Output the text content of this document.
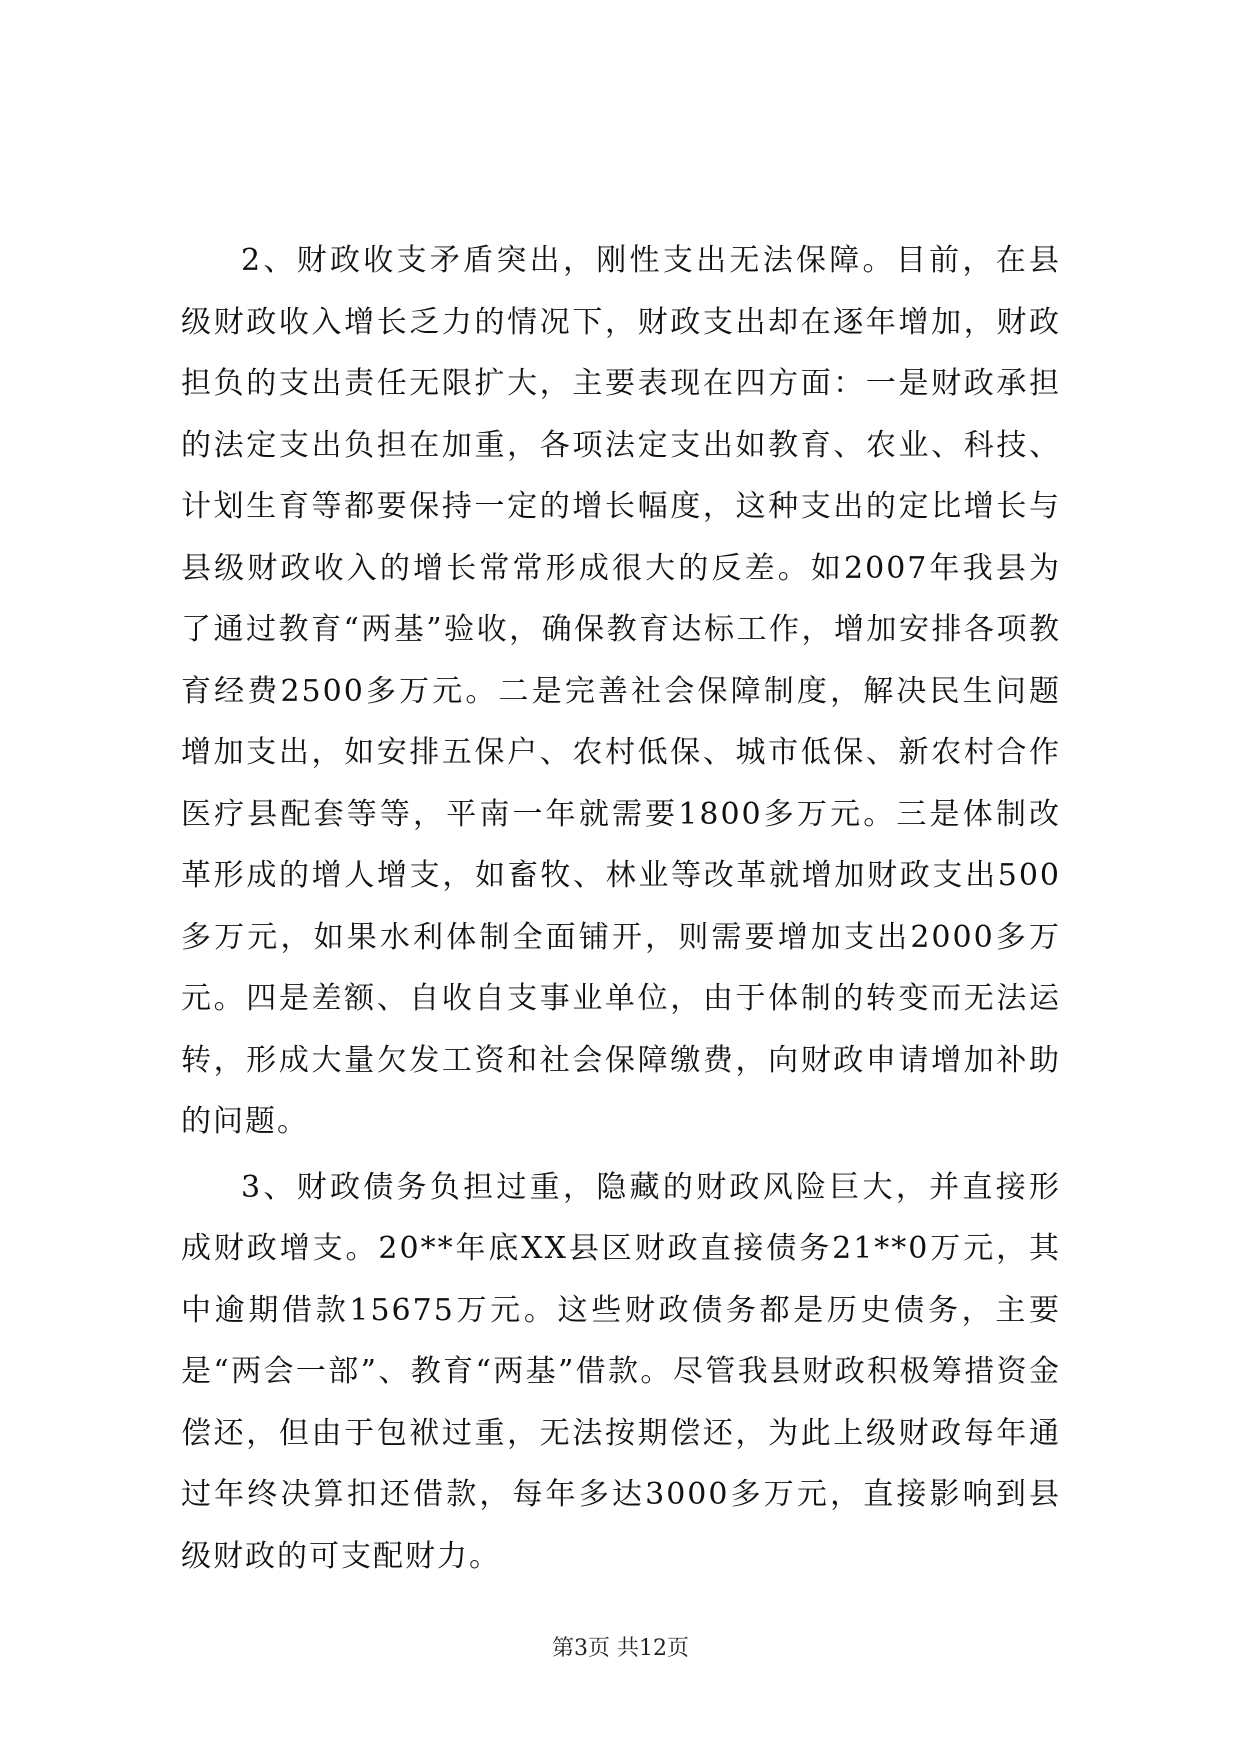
2、财政收支矛盾突出，刚性支出无法保障。目前，在县级财政收入增长乏力的情况下，财政支出却在逐年增加，财政担负的支出责任无限扩大，主要表现在四方面：一是财政承担的法定支出负担在加重，各项法定支出如教育、农业、科技、计划生育等都要保持一定的增长幅度，这种支出的定比增长与县级财政收入的增长常常形成很大的反差。如2007年我县为了通过教育“两基”验收，确保教育达标工作，增加安排各项教育经费2500多万元。二是完善社会保障制度，解决民生问题增加支出，如安排五保户、农村低保、城市低保、新农村合作医疗县配套等等，平南一年就需要1800多万元。三是体制改革形成的增人增支，如畜牧、林业等改革就增加财政支出500多万元，如果水利体制全面铺开，则需要增加支出2000多万元。四是差额、自收自支事业单位，由于体制的转变而无法运转，形成大量欠发工资和社会保障缴费，向财政申请增加补助的问题。

3、财政债务负担过重，隐藏的财政风险巨大，并直接形成财政增支。20**年底XX县区财政直接债务21**0万元，其中逾期借款15675万元。这些财政债务都是历史债务，主要是“两会一部”、教育“两基”借款。尽管我县财政积极筹措资金偿还，但由于包袱过重，无法按期偿还，为此上级财政每年通过年终决算扣还借款，每年多达3000多万元，直接影响到县级财政的可支配财力。

第3页 共12页
